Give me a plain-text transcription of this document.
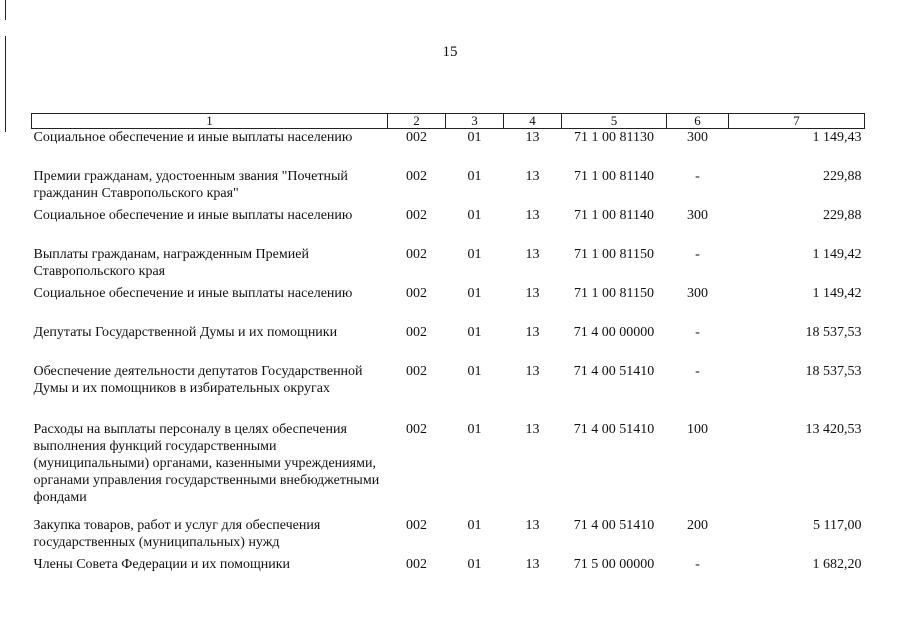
15
1	2	3	4	5	6	7
Социальное обеспечение и иные выплаты населению	002	01	13	71 1 00 81130	300	1 149,43
Премии гражданам, удостоенным звания "Почетный гражданин Ставропольского края"	002	01	13	71 1 00 81140	-	229,88
Социальное обеспечение и иные выплаты населению	002	01	13	71 1 00 81140	300	229,88
Выплаты гражданам, награжденным Премией Ставропольского края	002	01	13	71 1 00 81150	-	1 149,42
Социальное обеспечение и иные выплаты населению	002	01	13	71 1 00 81150	300	1 149,42
Депутаты Государственной Думы и их помощники	002	01	13	71 4 00 00000	-	18 537,53
Обеспечение деятельности депутатов Государственной Думы и их помощников в избирательных округах	002	01	13	71 4 00 51410	-	18 537,53
Расходы на выплаты персоналу в целях обеспечения выполнения функций государственными (муниципальными) органами, казенными учреждениями, органами управления государственными внебюджетными фондами	002	01	13	71 4 00 51410	100	13 420,53
Закупка товаров, работ и услуг для обеспечения государственных (муниципальных) нужд	002	01	13	71 4 00 51410	200	5 117,00
Члены Совета Федерации и их помощники	002	01	13	71 5 00 00000	-	1 682,20
